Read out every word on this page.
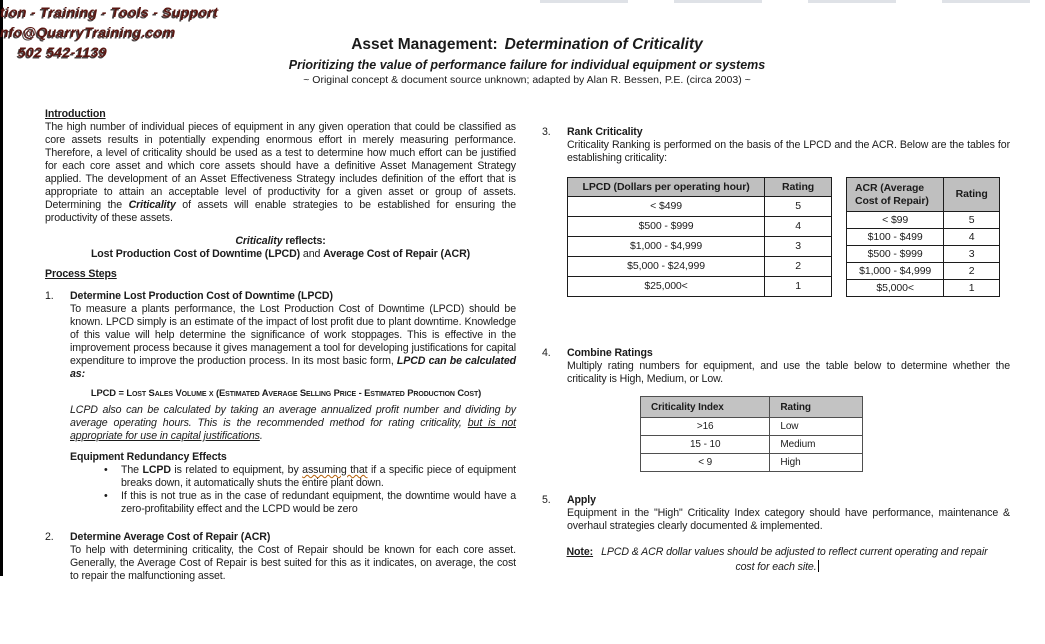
tion - Training - Tools - Support
nfo@QuarryTraining.com
502 542-1139	Asset Management: Determination of Criticality
Prioritizing the value of performance failure for individual equipment or systems
~ Original concept & document source unknown; adapted by Alan R. Bessen, P.E. (circa 2003) ~
Introduction

The high number of individual pieces of equipment in any given operation that could be classified as core assets results in potentially expending enormous effort in merely measuring performance. Therefore, a level of criticality should be used as a test to determine how much effort can be justified for each core asset and which core assets should have a definitive Asset Management Strategy applied. The development of an Asset Effectiveness Strategy includes definition of the effort that is appropriate to attain an acceptable level of productivity for a given asset or group of assets. Determining the Criticality of assets will enable strategies to be established for ensuring the productivity of these assets.

Criticality reflects:
Lost Production Cost of Downtime (LPCD) and Average Cost of Repair (ACR)
Process Steps
1.	Determine Lost Production Cost of Downtime (LPCD)

To measure a plants performance, the Lost Production Cost of Downtime (LPCD) should be known. LPCD simply is an estimate of the impact of lost profit due to plant downtime. Knowledge of this value will help determine the significance of work stoppages. This is effective in the improvement process because it gives management a tool for developing justifications for capital expenditure to improve the production process. In its most basic form, LPCD can be calculated as:

LPCD = Lost Sales Volume x (Estimated Average Selling Price - Estimated Production Cost)

LCPD also can be calculated by taking an average annualized profit number and dividing by average operating hours. This is the recommended method for rating criticality, but is not appropriate for use in capital justifications.

Equipment Redundancy Effects
•	The LCPD is related to equipment, by assuming that if a specific piece of equipment breaks down, it automatically shuts the entire plant down.
•	If this is not true as in the case of redundant equipment, the downtime would have a zero-profitability effect and the LCPD would be zero
2.	Determine Average Cost of Repair (ACR)

To help with determining criticality, the Cost of Repair should be known for each core asset. Generally, the Average Cost of Repair is best suited for this as it indicates, on average, the cost to repair the malfunctioning asset.

3.	Rank Criticality

Criticality Ranking is performed on the basis of the LPCD and the ACR. Below are the tables for establishing criticality:

LPCD (Dollars per operating hour)	Rating
< $499	5
$500 - $999	4
$1,000 - $4,999	3
$5,000 - $24,999	2
$25,000<	1
ACR (Average Cost of Repair)	Rating
< $99	5
$100 - $499	4
$500 - $999	3
$1,000 - $4,999	2
$5,000<	1
4.	Combine Ratings

Multiply rating numbers for equipment, and use the table below to determine whether the criticality is High, Medium, or Low.

Criticality Index	Rating
>16	Low
15 - 10	Medium
< 9	High
5.	Apply

Equipment in the "High" Criticality Index category should have performance, maintenance & overhaul strategies clearly documented & implemented.

Note: LPCD & ACR dollar values should be adjusted to reflect current operating and repair cost for each site.
